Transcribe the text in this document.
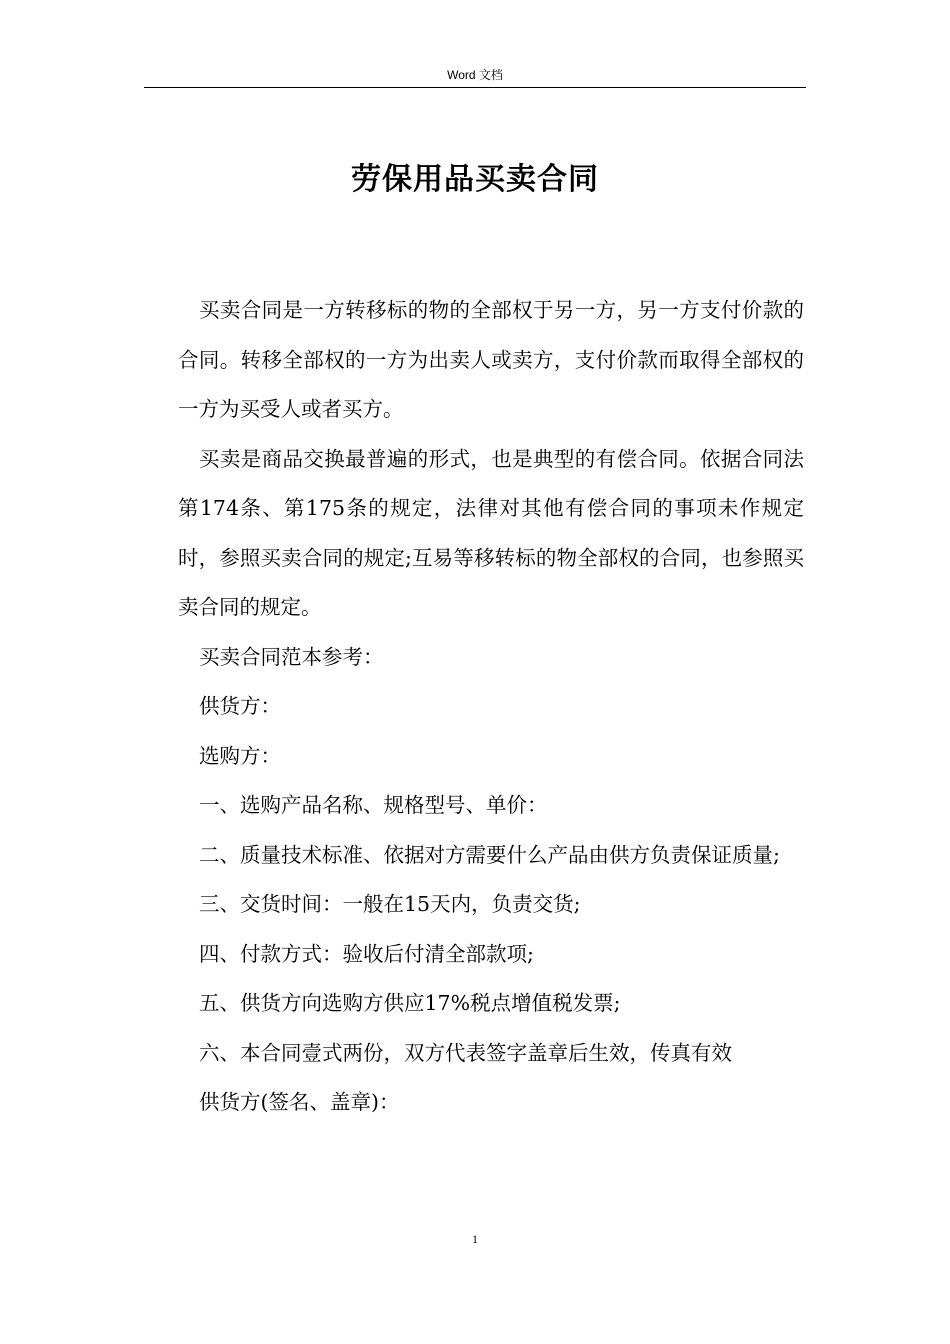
Word 文档
劳保用品买卖合同

买卖合同是一方转移标的物的全部权于另一方，另一方支付价款的合同。转移全部权的一方为出卖人或卖方，支付价款而取得全部权的一方为买受人或者买方。

买卖是商品交换最普遍的形式，也是典型的有偿合同。依据合同法第174条、第175条的规定，法律对其他有偿合同的事项未作规定时，参照买卖合同的规定;互易等移转标的物全部权的合同，也参照买卖合同的规定。

买卖合同范本参考：

供货方：

选购方：

一、选购产品名称、规格型号、单价：

二、质量技术标准、依据对方需要什么产品由供方负责保证质量;

三、交货时间：一般在15天内，负责交货;

四、付款方式：验收后付清全部款项;

五、供货方向选购方供应17%税点增值税发票;

六、本合同壹式两份，双方代表签字盖章后生效，传真有效

供货方(签名、盖章)：

1
